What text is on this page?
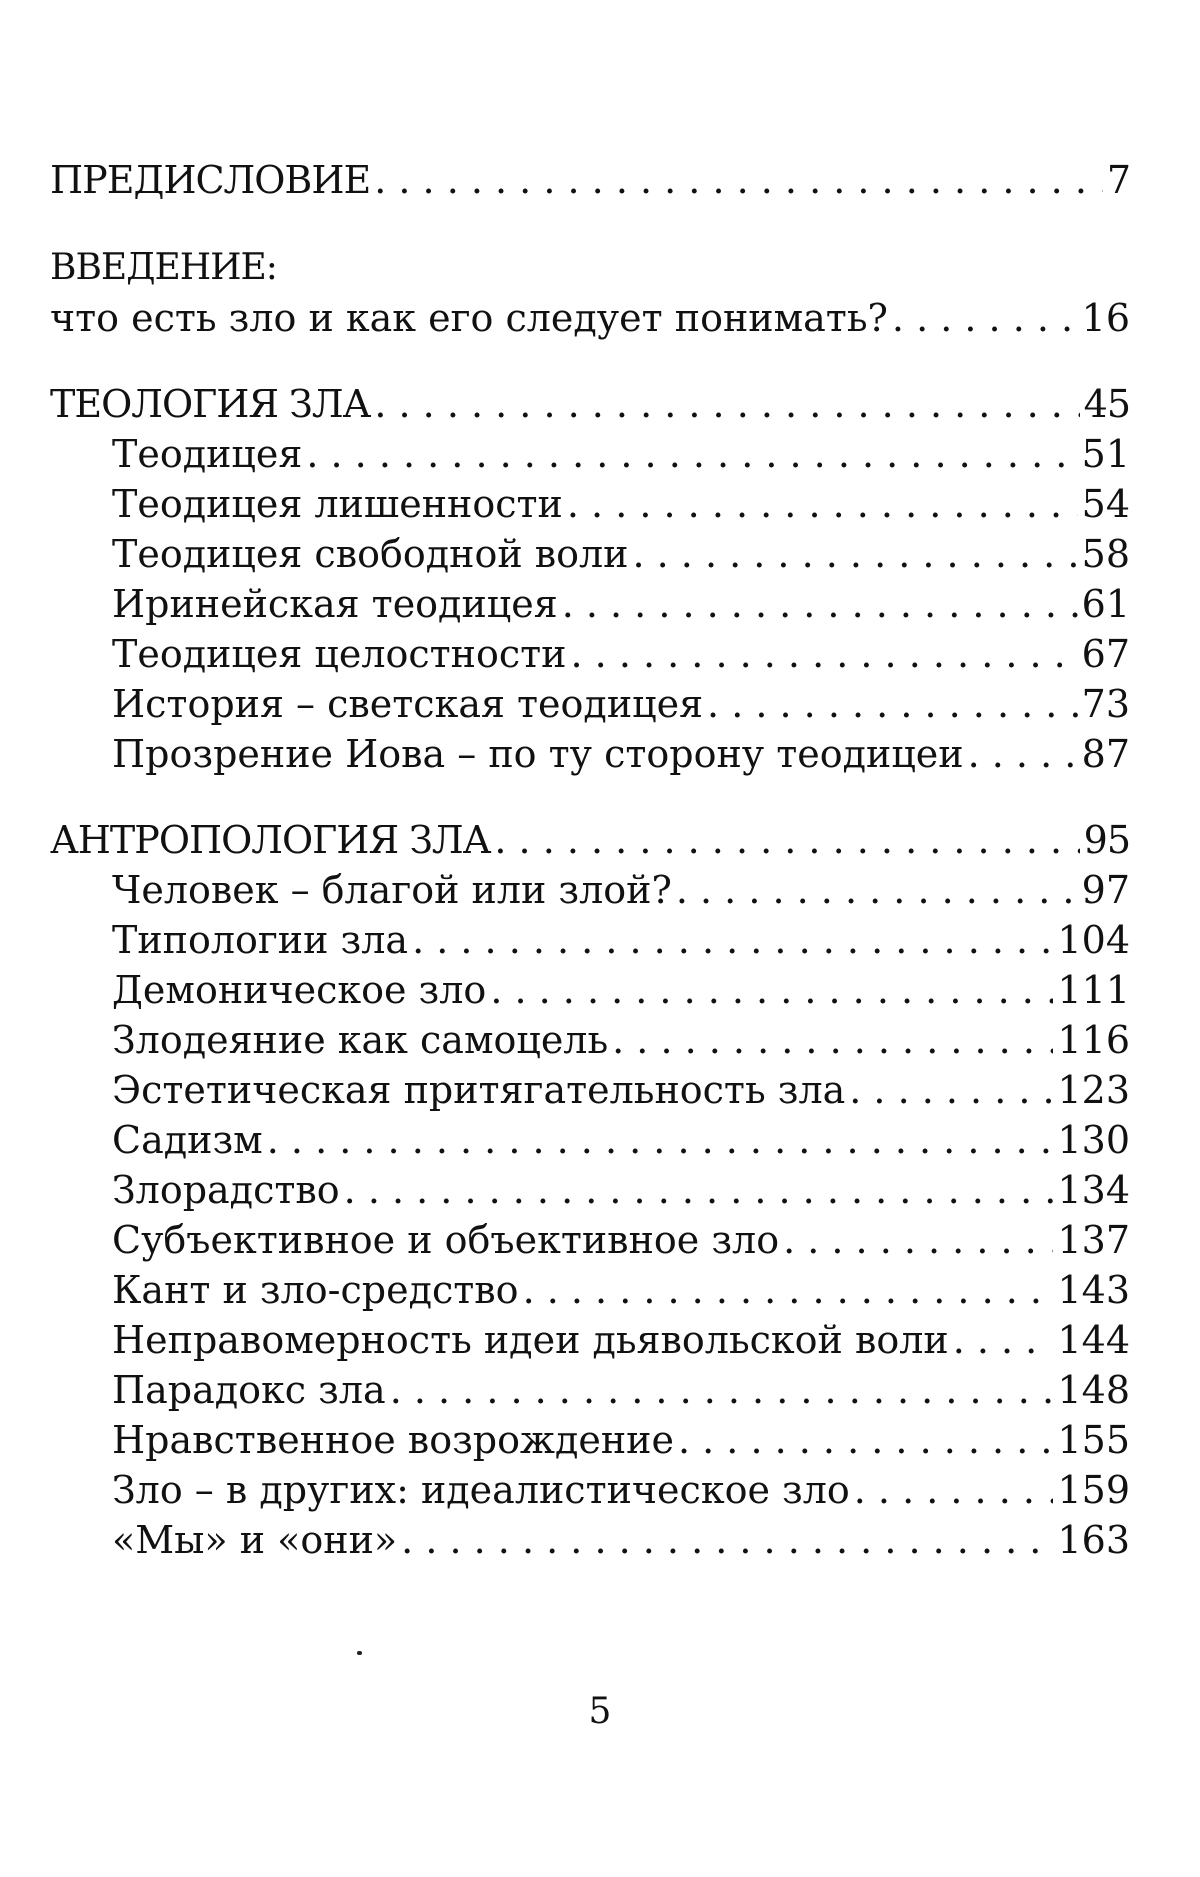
ПРЕДИСЛОВИЕ . . .	7
ВВЕДЕНИЕ:
что есть зло и как его следует понимать? . . .	16
ТЕОЛОГИЯ ЗЛА . . .	45
Теодицея . . .	51
Теодицея лишенности . . .	54
Теодицея свободной воли . . .	58
Иринейская теодицея . . .	61
Теодицея целостности . . .	67
История – светская теодицея . . .	73
Прозрение Иова – по ту сторону теодицеи . . .	87
АНТРОПОЛОГИЯ ЗЛА . . .	95
Человек – благой или злой? . . .	97
Типологии зла . . .	104
Демоническое зло . . .	111
Злодеяние как самоцель . . .	116
Эстетическая притягательность зла . . .	123
Садизм . . .	130
Злорадство . . .	134
Субъективное и объективное зло . . .	137
Кант и зло-средство . . .	143
Неправомерность идеи дьявольской воли . . .	144
Парадокс зла . . .	148
Нравственное возрождение . . .	155
Зло – в других: идеалистическое зло . . .	159
«Мы» и «они» . . .	163
5
